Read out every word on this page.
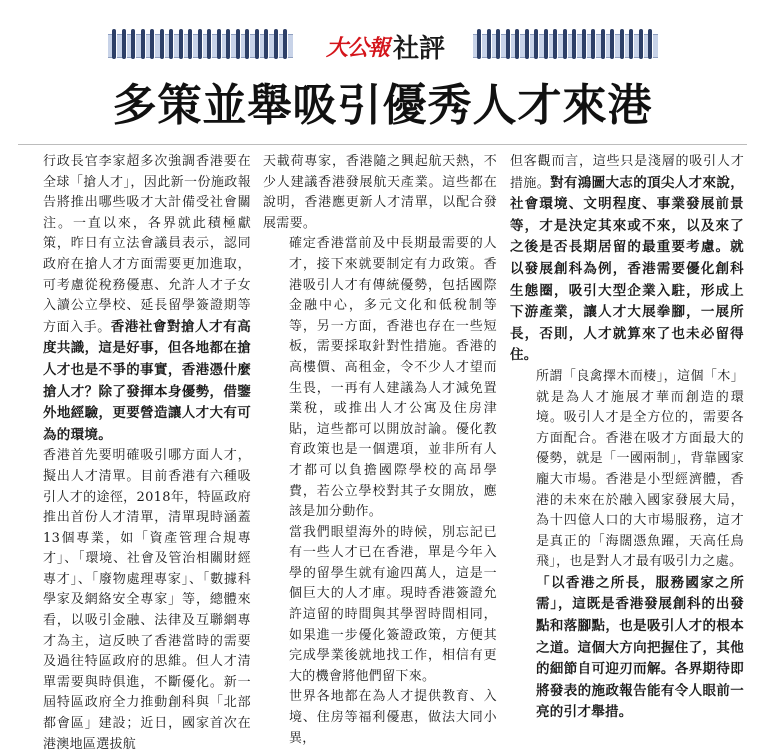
大公報 社評
多策並舉吸引優秀人才來港

行政長官李家超多次強調香港要在全球「搶人才」，因此新一份施政報告將推出哪些吸才大計備受社會關注。一直以來，各界就此積極獻策，昨日有立法會議員表示，認同政府在搶人才方面需要更加進取，可考慮從稅務優惠、允許人才子女入讀公立學校、延長留學簽證期等方面入手。香港社會對搶人才有高度共識，這是好事，但各地都在搶人才也是不爭的事實，香港憑什麼搶人才？除了發揮本身優勢，借鑒外地經驗，更要營造讓人才大有可為的環境。

香港首先要明確吸引哪方面人才，擬出人才清單。目前香港有六種吸引人才的途徑，2018年，特區政府推出首份人才清單，清單現時涵蓋13個專業，如「資產管理合規專才」、「環境、社會及管治相關財經專才」、「廢物處理專家」、「數據科學家及網絡安全專家」等，總體來看，以吸引金融、法律及互聯網專才為主，這反映了香港當時的需要及過往特區政府的思維。但人才清單需要與時俱進，不斷優化。新一屆特區政府全力推動創科與「北部都會區」建設；近日，國家首次在港澳地區選拔航

天載荷專家，香港隨之興起航天熱，不少人建議香港發展航天產業。這些都在說明，香港應更新人才清單，以配合發展需要。

確定香港當前及中長期最需要的人才，接下來就要制定有力政策。香港吸引人才有傳統優勢，包括國際金融中心，多元文化和低稅制等等，另一方面，香港也存在一些短板，需要採取針對性措施。香港的高樓價、高租金，令不少人才望而生畏，一再有人建議為人才減免置業稅，或推出人才公寓及住房津貼，這些都可以開放討論。優化教育政策也是一個選項，並非所有人才都可以負擔國際學校的高昂學費，若公立學校對其子女開放，應該是加分動作。

當我們眼望海外的時候，別忘記已有一些人才已在香港，單是今年入學的留學生就有逾四萬人，這是一個巨大的人才庫。現時香港簽證允許這留的時間與其學習時間相同，如果進一步優化簽證政策，方便其完成學業後就地找工作，相信有更大的機會將他們留下來。

世界各地都在為人才提供教育、入境、住房等福利優惠，做法大同小異，

但客觀而言，這些只是淺層的吸引人才措施。對有鴻圖大志的頂尖人才來說，社會環境、文明程度、事業發展前景等，才是決定其來或不來，以及來了之後是否長期居留的最重要考慮。就以發展創科為例，香港需要優化創科生態圈，吸引大型企業入駐，形成上下游產業，讓人才大展拳腳，一展所長，否則，人才就算來了也未必留得住。

所謂「良禽擇木而棲」，這個「木」就是為人才施展才華而創造的環境。吸引人才是全方位的，需要各方面配合。香港在吸才方面最大的優勢，就是「一國兩制」，背靠國家龐大市場。香港是小型經濟體，香港的未來在於融入國家發展大局，為十四億人口的大市場服務，這才是真正的「海闊憑魚躍，天高任鳥飛」，也是對人才最有吸引力之處。

「以香港之所長，服務國家之所需」，這既是香港發展創科的出發點和落腳點，也是吸引人才的根本之道。這個大方向把握住了，其他的細節自可迎刃而解。各界期待即將發表的施政報告能有令人眼前一亮的引才舉措。
